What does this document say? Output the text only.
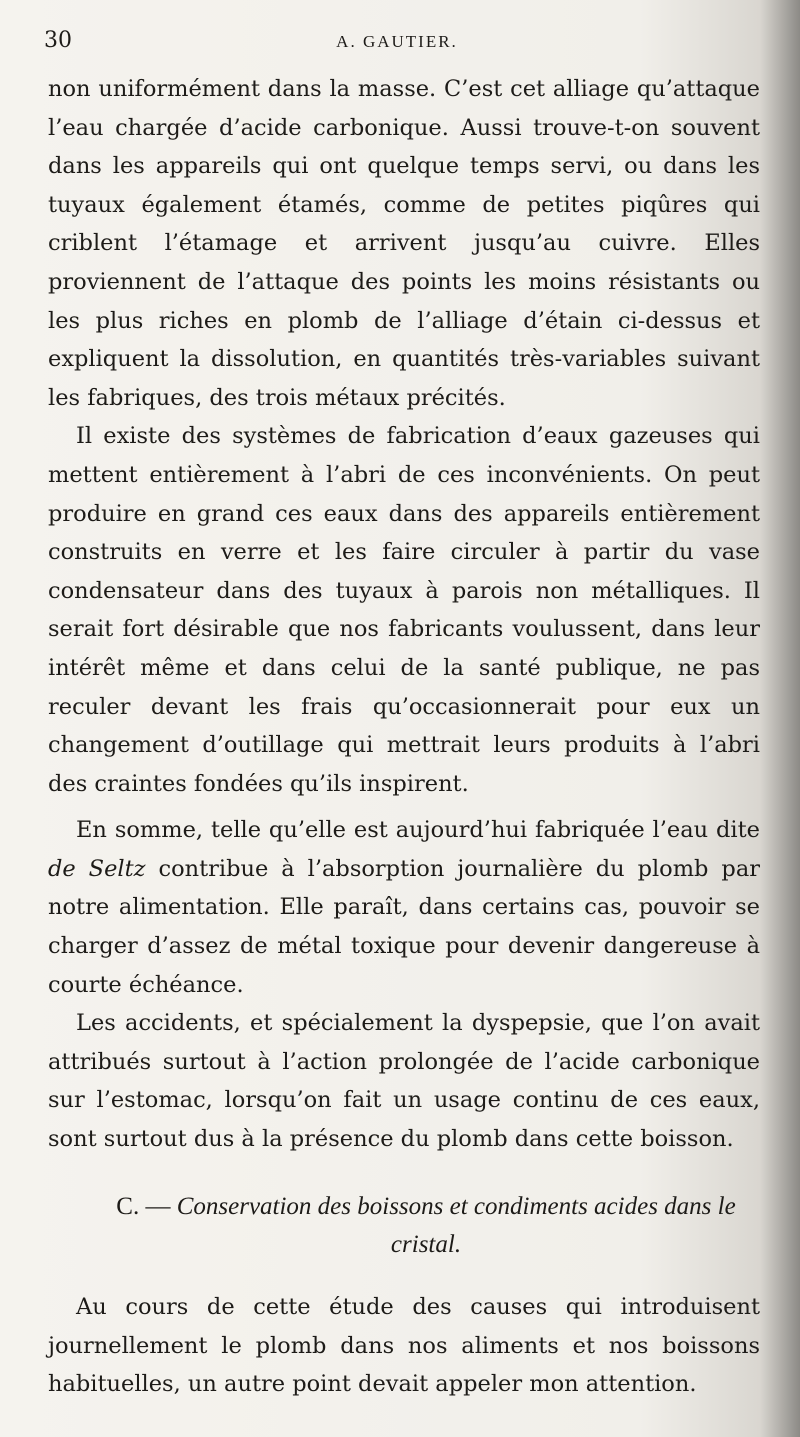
30	A. GAUTIER.

non uniformément dans la masse. C’est cet alliage qu’attaque l’eau chargée d’acide carbonique. Aussi trouve-t-on souvent dans les appareils qui ont quelque temps servi, ou dans les tuyaux également étamés, comme de petites piqûres qui criblent l’étamage et arrivent jusqu’au cuivre. Elles proviennent de l’attaque des points les moins résistants ou les plus riches en plomb de l’alliage d’étain ci-dessus et expliquent la dissolution, en quantités très-variables suivant les fabriques, des trois métaux précités.

Il existe des systèmes de fabrication d’eaux gazeuses qui mettent entièrement à l’abri de ces inconvénients. On peut produire en grand ces eaux dans des appareils entièrement construits en verre et les faire circuler à partir du vase condensateur dans des tuyaux à parois non métalliques. Il serait fort désirable que nos fabricants voulussent, dans leur intérêt même et dans celui de la santé publique, ne pas reculer devant les frais qu’occasionnerait pour eux un changement d’outillage qui mettrait leurs produits à l’abri des craintes fondées qu’ils inspirent.

En somme, telle qu’elle est aujourd’hui fabriquée l’eau dite de Seltz contribue à l’absorption journalière du plomb par notre alimentation. Elle paraît, dans certains cas, pouvoir se charger d’assez de métal toxique pour devenir dangereuse à courte échéance.

Les accidents, et spécialement la dyspepsie, que l’on avait attribués surtout à l’action prolongée de l’acide carbonique sur l’estomac, lorsqu’on fait un usage continu de ces eaux, sont surtout dus à la présence du plomb dans cette boisson.

C. — Conservation des boissons et condiments acides dans le cristal.

Au cours de cette étude des causes qui introduisent journellement le plomb dans nos aliments et nos boissons habituelles, un autre point devait appeler mon attention.
